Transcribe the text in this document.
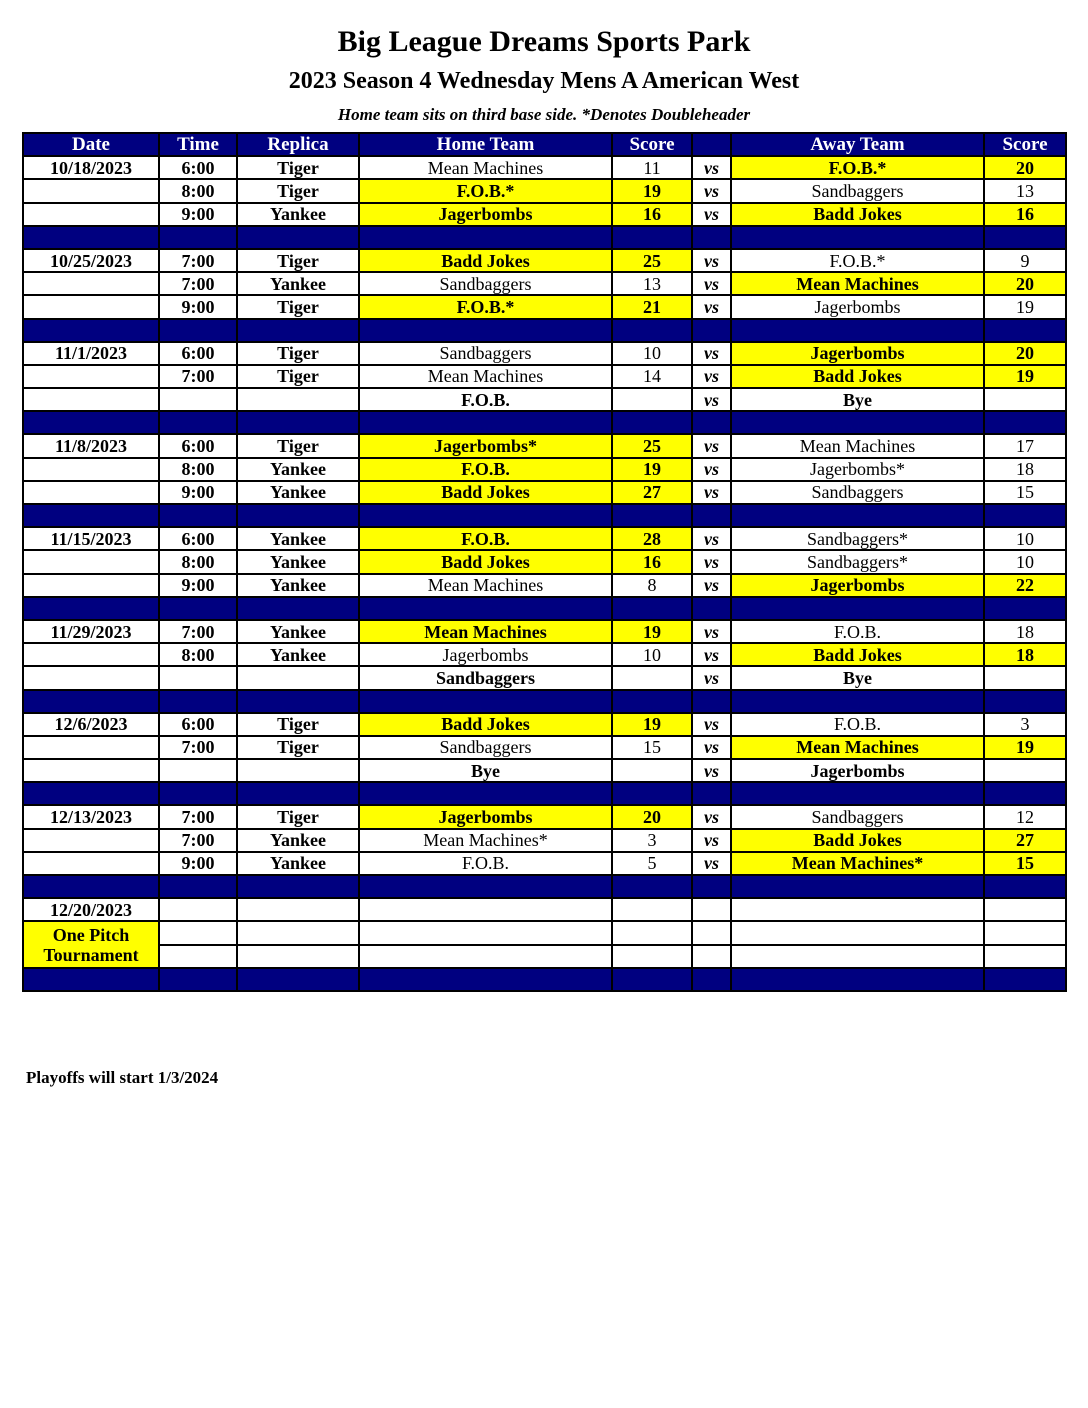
Big League Dreams Sports Park
2023 Season 4 Wednesday Mens A American West
Home team sits on third base side. *Denotes Doubleheader
Date	Time	Replica	Home Team	Score		Away Team	Score
10/18/2023	6:00	Tiger	Mean Machines	11	vs	F.O.B.*	20
	8:00	Tiger	F.O.B.*	19	vs	Sandbaggers	13
	9:00	Yankee	Jagerbombs	16	vs	Badd Jokes	16

10/25/2023	7:00	Tiger	Badd Jokes	25	vs	F.O.B.*	9
	7:00	Yankee	Sandbaggers	13	vs	Mean Machines	20
	9:00	Tiger	F.O.B.*	21	vs	Jagerbombs	19

11/1/2023	6:00	Tiger	Sandbaggers	10	vs	Jagerbombs	20
	7:00	Tiger	Mean Machines	14	vs	Badd Jokes	19
			F.O.B.		vs	Bye	

11/8/2023	6:00	Tiger	Jagerbombs*	25	vs	Mean Machines	17
	8:00	Yankee	F.O.B.	19	vs	Jagerbombs*	18
	9:00	Yankee	Badd Jokes	27	vs	Sandbaggers	15

11/15/2023	6:00	Yankee	F.O.B.	28	vs	Sandbaggers*	10
	8:00	Yankee	Badd Jokes	16	vs	Sandbaggers*	10
	9:00	Yankee	Mean Machines	8	vs	Jagerbombs	22

11/29/2023	7:00	Yankee	Mean Machines	19	vs	F.O.B.	18
	8:00	Yankee	Jagerbombs	10	vs	Badd Jokes	18
			Sandbaggers		vs	Bye	

12/6/2023	6:00	Tiger	Badd Jokes	19	vs	F.O.B.	3
	7:00	Tiger	Sandbaggers	15	vs	Mean Machines	19
			Bye		vs	Jagerbombs	

12/13/2023	7:00	Tiger	Jagerbombs	20	vs	Sandbaggers	12
	7:00	Yankee	Mean Machines*	3	vs	Badd Jokes	27
	9:00	Yankee	F.O.B.	5	vs	Mean Machines*	15

12/20/2023							
One Pitch
Tournament							

Playoffs will start 1/3/2024
